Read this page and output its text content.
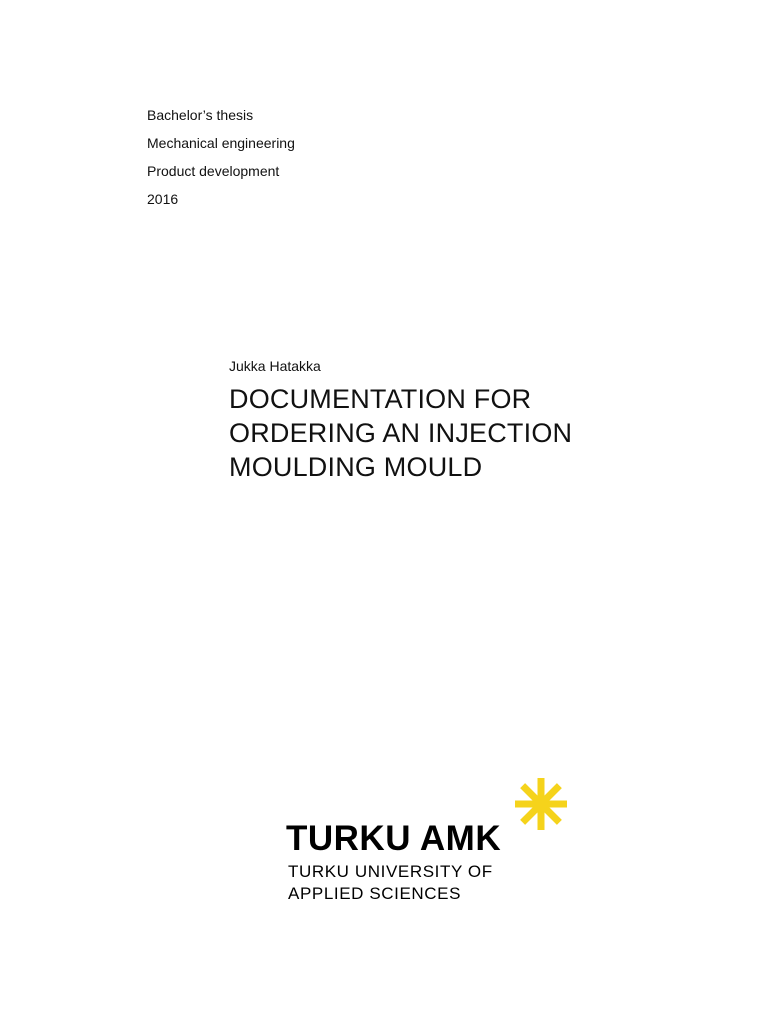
Bachelor’s thesis
Mechanical engineering
Product development
2016
Jukka Hatakka
DOCUMENTATION FOR
ORDERING AN INJECTION
MOULDING MOULD
TURKU AMK
TURKU UNIVERSITY OF
APPLIED SCIENCES
